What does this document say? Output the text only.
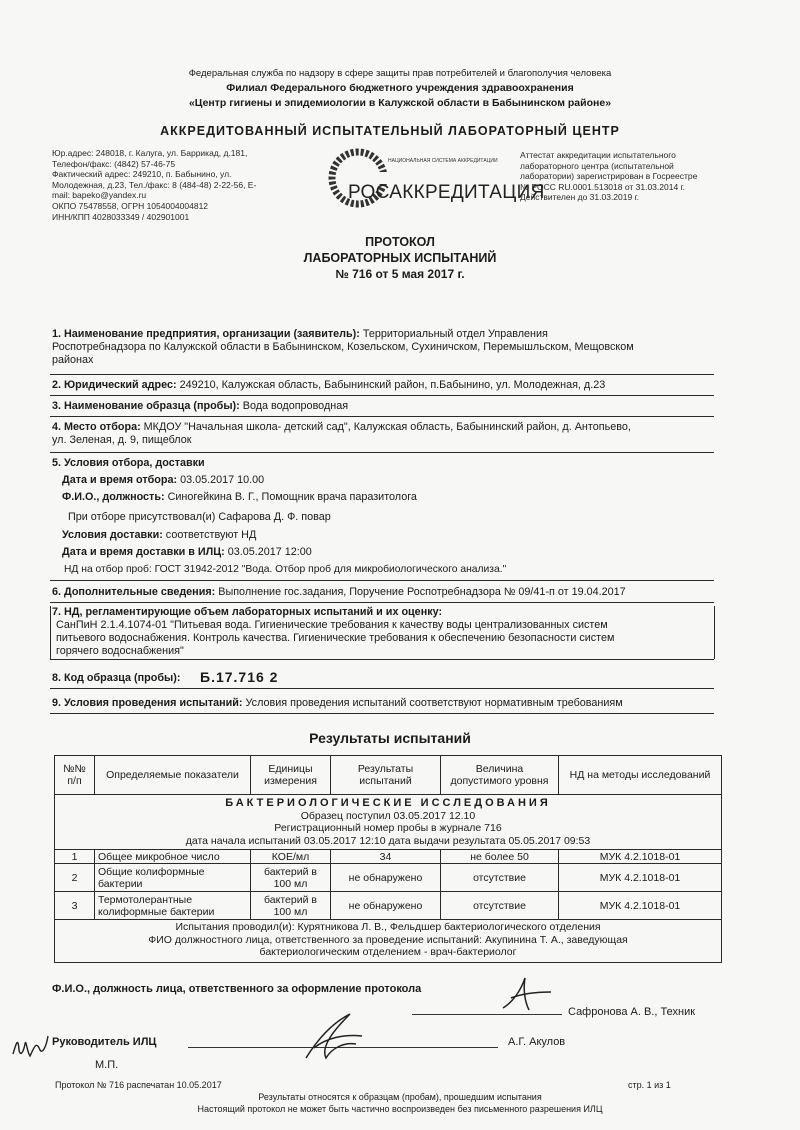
Федеральная служба по надзору в сфере защиты прав потребителей и благополучия человека
Филиал Федерального бюджетного учреждения здравоохранения
«Центр гигиены и эпидемиологии в Калужской области в Бабынинском районе»
АККРЕДИТОВАННЫЙ ИСПЫТАТЕЛЬНЫЙ ЛАБОРАТОРНЫЙ ЦЕНТР
Юр.адрес: 248018, г. Калуга, ул. Баррикад, д.181,
Телефон/факс: (4842) 57-46-75
Фактический адрес: 249210, п. Бабынино, ул.
Молодежная, д.23, Тел./факс: 8 (484-48) 2-22-56, E-
mail: bapeko@yandex.ru
ОКПО 75478558, ОГРН 1054004004812
ИНН/КПП 4028033349 / 402901001
НАЦИОНАЛЬНАЯ СИСТЕМА АККРЕДИТАЦИИ
РОСАККРЕДИТАЦИЯ
Аттестат аккредитации испытательного
лабораторного центра (испытательной
лаборатории) зарегистрирован в Госреестре
№ РОСС RU.0001.513018 от 31.03.2014 г.
Действителен до 31.03.2019 г.
ПРОТОКОЛ
ЛАБОРАТОРНЫХ ИСПЫТАНИЙ
№ 716 от 5 мая 2017 г.
1. Наименование предприятия, организации (заявитель): Территориальный отдел Управления
Роспотребнадзора по Калужской области в Бабынинском, Козельском, Сухиничском, Перемышльском, Мещовском
районах
2. Юридический адрес: 249210, Калужская область, Бабынинский район, п.Бабынино, ул. Молодежная, д.23
3. Наименование образца (пробы): Вода водопроводная
4. Место отбора: МКДОУ "Начальная школа- детский сад", Калужская область, Бабынинский район, д. Антопьево,
ул. Зеленая, д. 9, пищеблок
5. Условия отбора, доставки
Дата и время отбора: 03.05.2017 10.00
Ф.И.О., должность: Синогейкина В. Г., Помощник врача паразитолога
При отборе присутствовал(и) Сафарова Д. Ф. повар
Условия доставки: соответствуют НД
Дата и время доставки в ИЛЦ: 03.05.2017 12:00
НД на отбор проб: ГОСТ 31942-2012 "Вода. Отбор проб для микробиологического анализа."
6. Дополнительные сведения: Выполнение гос.задания, Поручение Роспотребнадзора № 09/41-п от 19.04.2017
7. НД, регламентирующие объем лабораторных испытаний и их оценку:
СанПиН 2.1.4.1074-01 "Питьевая вода. Гигиенические требования к качеству воды централизованных систем
питьевого водоснабжения. Контроль качества. Гигиенические требования к обеспечению безопасности систем
горячего водоснабжения"
8. Код образца (пробы):	Б.17.716 2
9. Условия проведения испытаний: Условия проведения испытаний соответствуют нормативным требованиям
Результаты испытаний
№№ п/п	Определяемые показатели	Единицы измерения	Результаты испытаний	Величина допустимого уровня	НД на методы исследований

БАКТЕРИОЛОГИЧЕСКИЕ ИССЛЕДОВАНИЯ
Образец поступил 03.05.2017 12.10
Регистрационный номер пробы в журнале 716
дата начала испытаний 03.05.2017 12:10 дата выдачи результата 05.05.2017 09:53					

1	Общее микробное число	КОЕ/мл	34	не более 50	МУК 4.2.1018-01
2	Общие колиформные бактерии	бактерий в 100 мл	не обнаружено	отсутствие	МУК 4.2.1018-01
3	Термотолерантные колиформные бактерии	бактерий в 100 мл	не обнаружено	отсутствие	МУК 4.2.1018-01

Испытания проводил(и): Курятникова Л. В., Фельдшер бактериологического отделения
ФИО должностного лица, ответственного за проведение испытаний: Акупинина Т. А., заведующая
бактериологическим отделением - врач-бактериолог					
Ф.И.О., должность лица, ответственного за оформление протокола
Сафронова А. В., Техник
Руководитель ИЛЦ	А.Г. Акулов
М.П.
Протокол № 716 распечатан 10.05.2017	стр. 1 из 1
Результаты относятся к образцам (пробам), прошедшим испытания
Настоящий протокол не может быть частично воспроизведен без письменного разрешения ИЛЦ
